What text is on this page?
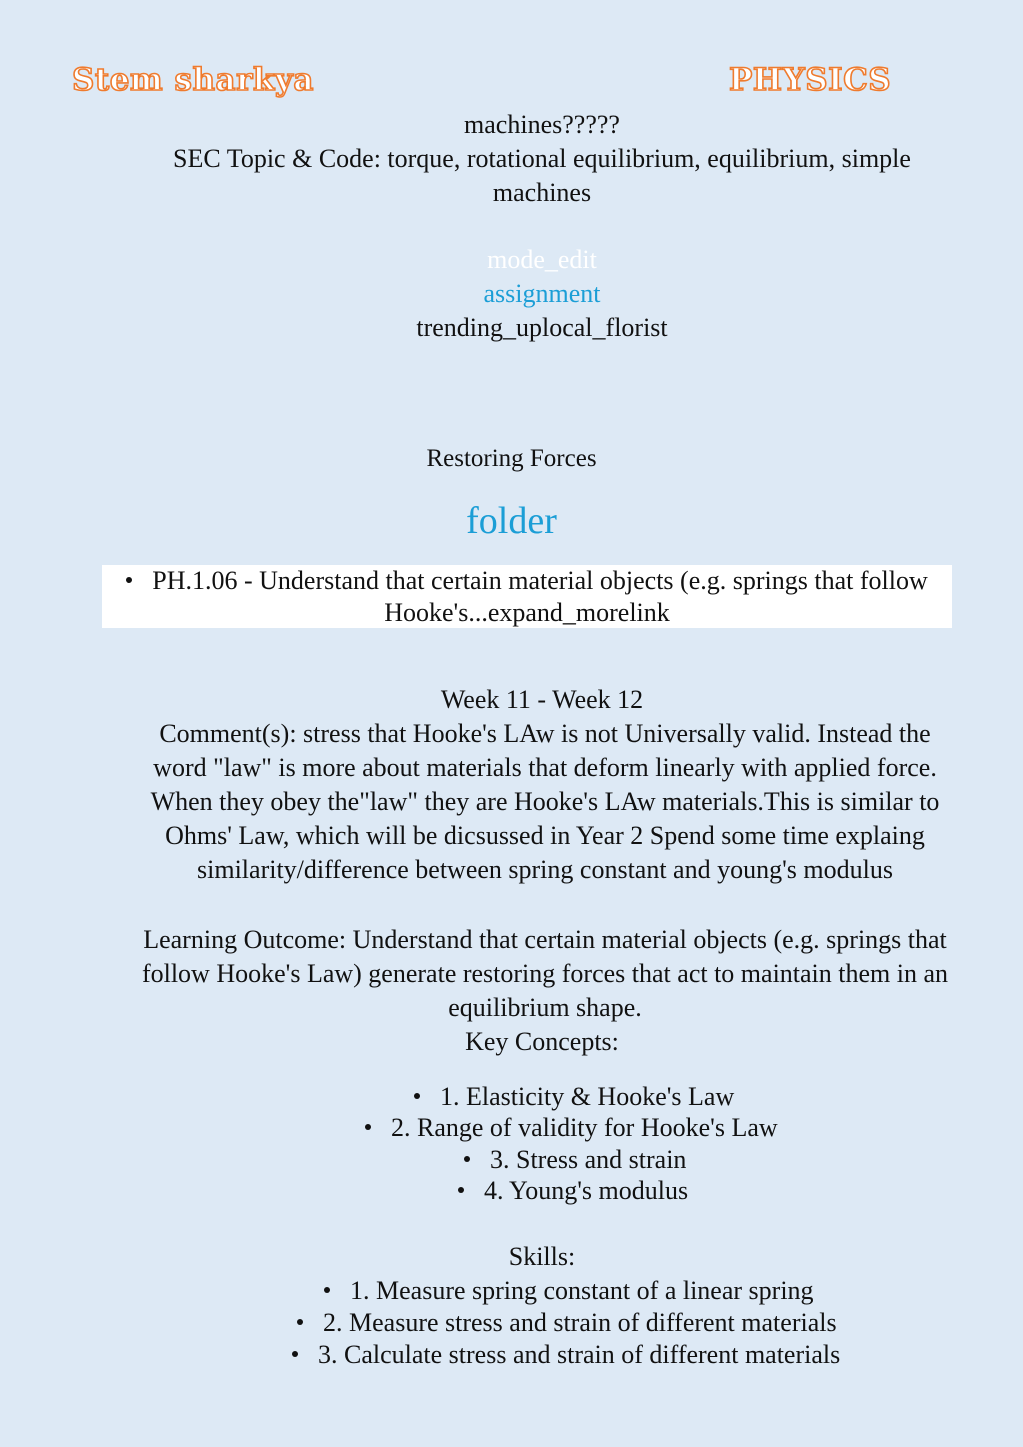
Stem sharkya	PHYSICS
machines?????
SEC Topic & Code: torque, rotational equilibrium, equilibrium, simple machines
mode_edit
assignment
trending_uplocal_florist
Restoring Forces
folder
PH.1.06 - Understand that certain material objects (e.g. springs that follow Hooke's...expand_morelink
Week 11 - Week 12
Comment(s): stress that Hooke's LAw is not Universally valid. Instead the word "law" is more about materials that deform linearly with applied force. When they obey the"law" they are Hooke's LAw materials.This is similar to Ohms' Law, which will be dicsussed in Year 2 Spend some time explaing similarity/difference between spring constant and young's modulus
Learning Outcome: Understand that certain material objects (e.g. springs that follow Hooke's Law) generate restoring forces that act to maintain them in an equilibrium shape.
Key Concepts:
1. Elasticity & Hooke's Law
2. Range of validity for Hooke's Law
3. Stress and strain
4. Young's modulus
Skills:
1. Measure spring constant of a linear spring
2. Measure stress and strain of different materials
3. Calculate stress and strain of different materials
